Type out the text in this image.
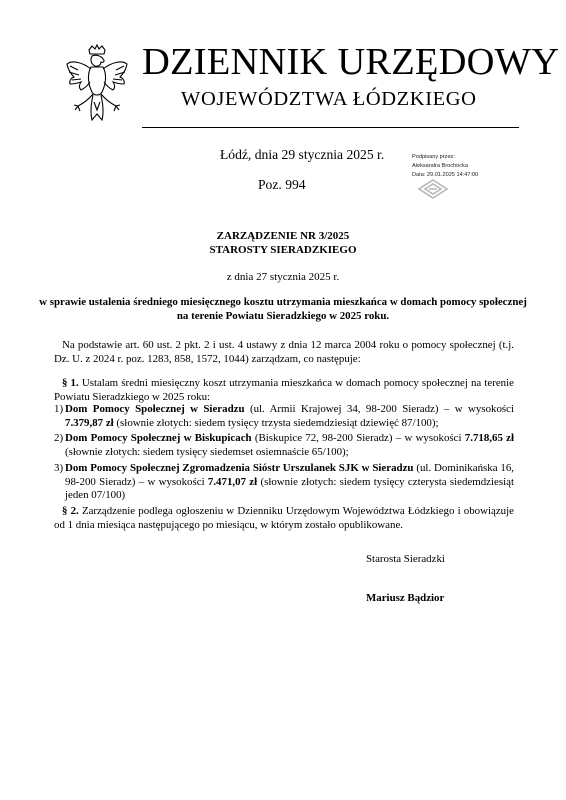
DZIENNIK URZĘDOWY
WOJEWÓDZTWA ŁÓDZKIEGO
Łódź, dnia 29 stycznia 2025 r.
Poz. 994
Podpisany przez:
Aleksandra Brochocka
Data: 29.01.2025 14:47:00
ZARZĄDZENIE NR 3/2025
STAROSTY SIERADZKIEGO
z dnia 27 stycznia 2025 r.
w sprawie ustalenia średniego miesięcznego kosztu utrzymania mieszkańca w domach pomocy społecznej
na terenie Powiatu Sieradzkiego w 2025 roku.
Na podstawie art. 60 ust. 2 pkt. 2 i ust. 4 ustawy z dnia 12 marca 2004 roku o pomocy społecznej (t.j. Dz. U. z 2024 r. poz. 1283, 858, 1572, 1044) zarządzam, co następuje:
§ 1. Ustalam średni miesięczny koszt utrzymania mieszkańca w domach pomocy społecznej na terenie Powiatu Sieradzkiego w 2025 roku:
1) Dom Pomocy Społecznej w Sieradzu (ul. Armii Krajowej 34, 98-200 Sieradz) – w wysokości 7.379,87 zł (słownie złotych: siedem tysięcy trzysta siedemdziesiąt dziewięć 87/100);
2) Dom Pomocy Społecznej w Biskupicach (Biskupice 72, 98-200 Sieradz) – w wysokości 7.718,65 zł (słownie złotych: siedem tysięcy siedemset osiemnaście 65/100);
3) Dom Pomocy Społecznej Zgromadzenia Sióstr Urszulanek SJK w Sieradzu (ul. Dominikańska 16, 98-200 Sieradz) – w wysokości 7.471,07 zł (słownie złotych: siedem tysięcy czterysta siedemdziesiąt jeden 07/100)
§ 2. Zarządzenie podlega ogłoszeniu w Dzienniku Urzędowym Województwa Łódzkiego i obowiązuje od 1 dnia miesiąca następującego po miesiącu, w którym zostało opublikowane.
Starosta Sieradzki
Mariusz Bądzior
